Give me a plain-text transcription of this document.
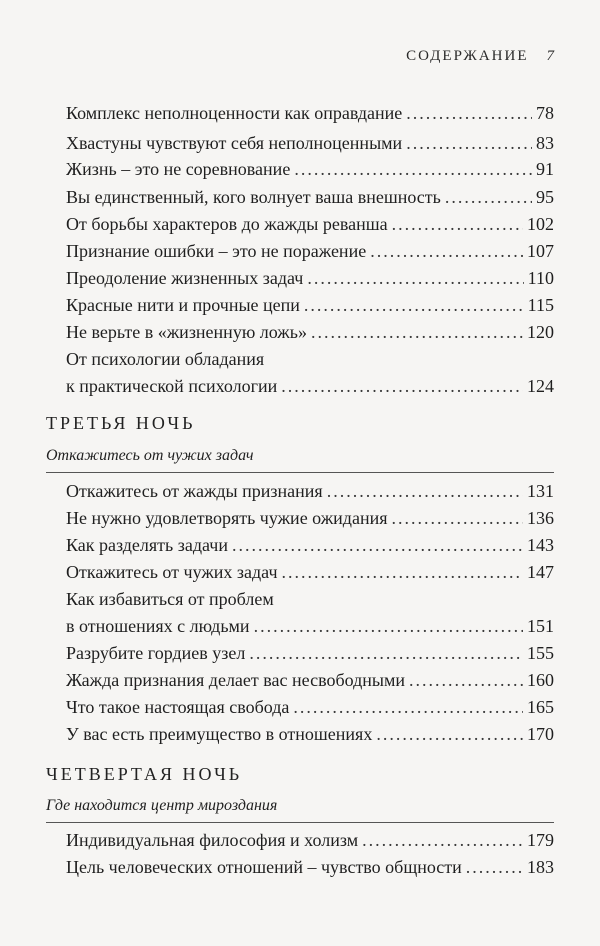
СОДЕРЖАНИЕ 7
Комплекс неполноценности как оправдание .....	78
Хвастуны чувствуют себя неполноценными .....	83
Жизнь – это не соревнование .....	91
Вы единственный, кого волнует ваша внешность .....	95
От борьбы характеров до жажды реванша .....	102
Признание ошибки – это не поражение .....	107
Преодоление жизненных задач .....	110
Красные нити и прочные цепи .....	115
Не верьте в «жизненную ложь» .....	120
От психологии обладания
к практической психологии .....	124
ТРЕТЬЯ НОЧЬ
Откажитесь от чужих задач
Откажитесь от жажды признания .....	131
Не нужно удовлетворять чужие ожидания .....	136
Как разделять задачи .....	143
Откажитесь от чужих задач .....	147
Как избавиться от проблем
в отношениях с людьми .....	151
Разрубите гордиев узел .....	155
Жажда признания делает вас несвободными .....	160
Что такое настоящая свобода .....	165
У вас есть преимущество в отношениях .....	170
ЧЕТВЕРТАЯ НОЧЬ
Где находится центр мироздания
Индивидуальная философия и холизм .....	179
Цель человеческих отношений – чувство общности .....	183
